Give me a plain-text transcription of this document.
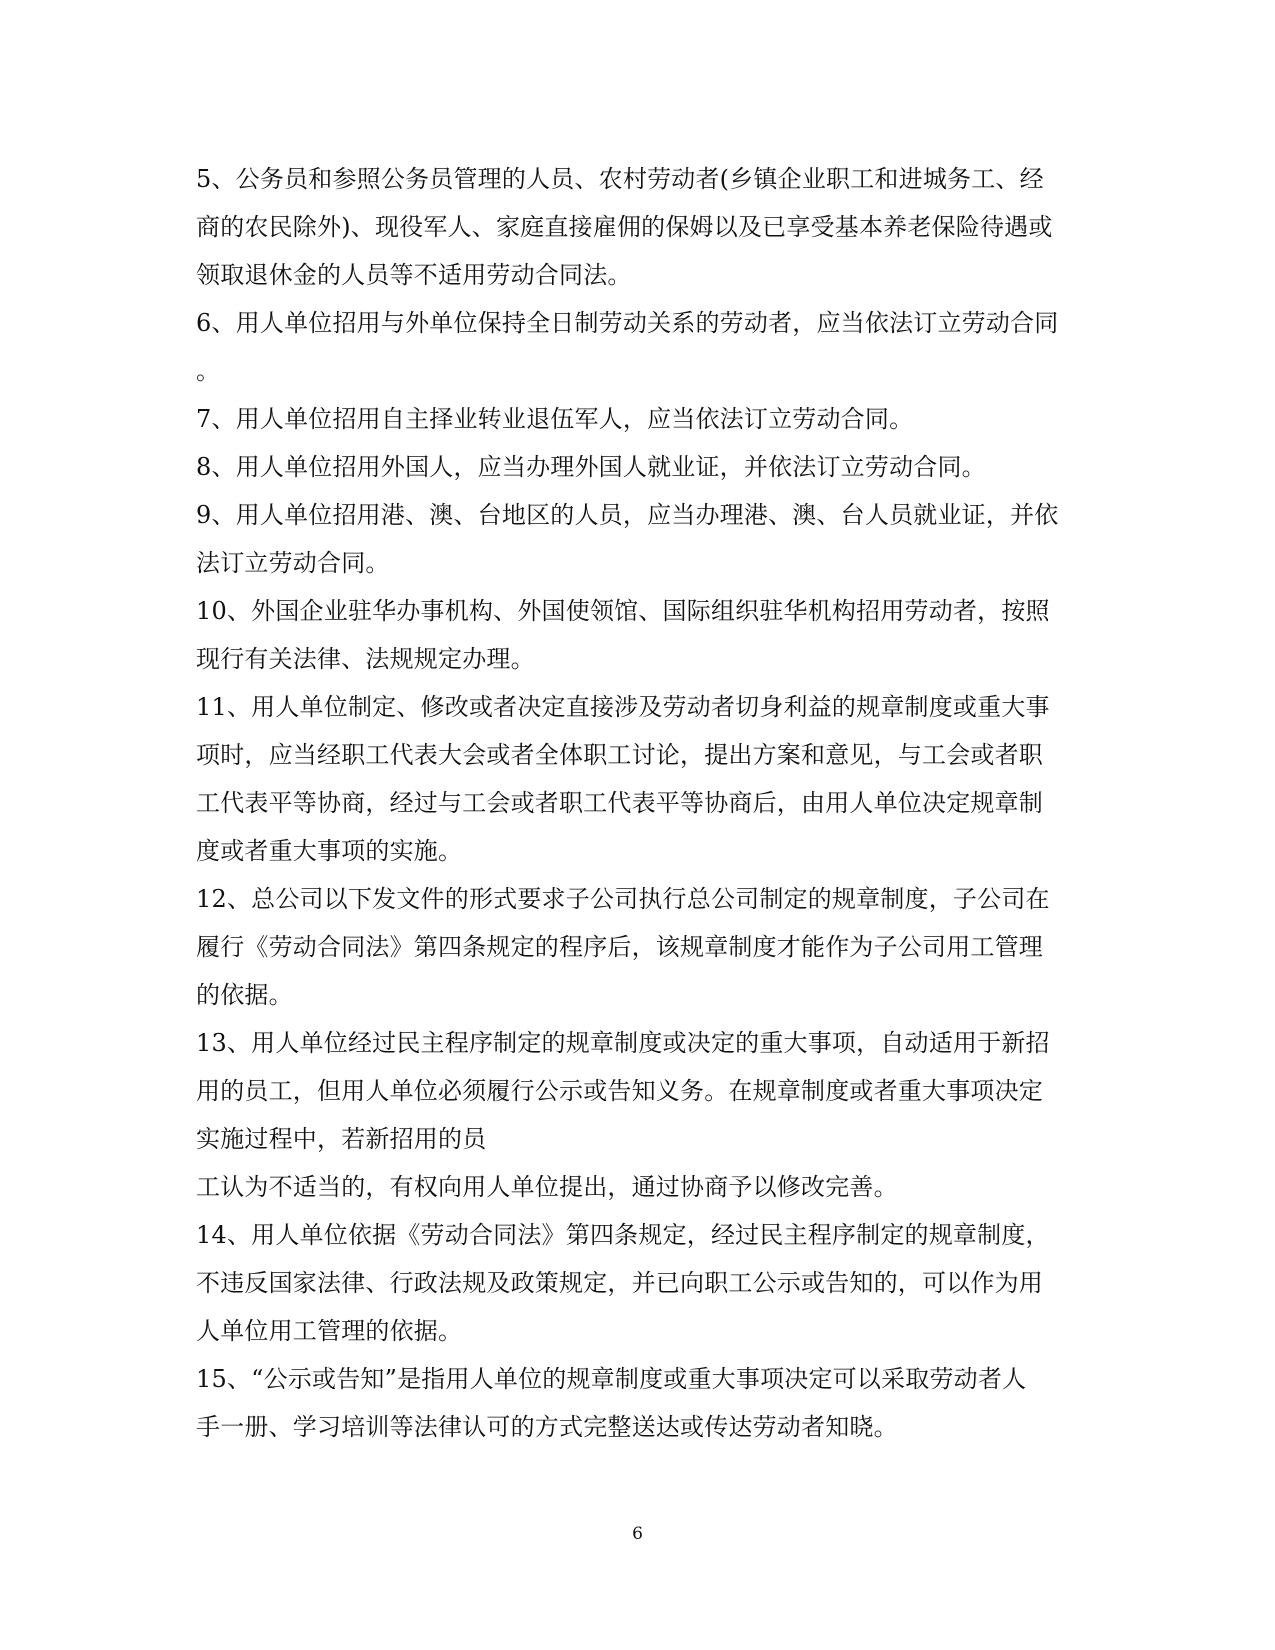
5、公务员和参照公务员管理的人员、农村劳动者(乡镇企业职工和进城务工、经
商的农民除外)、现役军人、家庭直接雇佣的保姆以及已享受基本养老保险待遇或
领取退休金的人员等不适用劳动合同法。
6、用人单位招用与外单位保持全日制劳动关系的劳动者，应当依法订立劳动合同
。
7、用人单位招用自主择业转业退伍军人，应当依法订立劳动合同。
8、用人单位招用外国人，应当办理外国人就业证，并依法订立劳动合同。
9、用人单位招用港、澳、台地区的人员，应当办理港、澳、台人员就业证，并依
法订立劳动合同。
10、外国企业驻华办事机构、外国使领馆、国际组织驻华机构招用劳动者，按照
现行有关法律、法规规定办理。
11、用人单位制定、修改或者决定直接涉及劳动者切身利益的规章制度或重大事
项时，应当经职工代表大会或者全体职工讨论，提出方案和意见，与工会或者职
工代表平等协商，经过与工会或者职工代表平等协商后，由用人单位决定规章制
度或者重大事项的实施。
12、总公司以下发文件的形式要求子公司执行总公司制定的规章制度，子公司在
履行《劳动合同法》第四条规定的程序后，该规章制度才能作为子公司用工管理
的依据。
13、用人单位经过民主程序制定的规章制度或决定的重大事项，自动适用于新招
用的员工，但用人单位必须履行公示或告知义务。在规章制度或者重大事项决定
实施过程中，若新招用的员
工认为不适当的，有权向用人单位提出，通过协商予以修改完善。
14、用人单位依据《劳动合同法》第四条规定，经过民主程序制定的规章制度，
不违反国家法律、行政法规及政策规定，并已向职工公示或告知的，可以作为用
人单位用工管理的依据。
15、“公示或告知”是指用人单位的规章制度或重大事项决定可以采取劳动者人
手一册、学习培训等法律认可的方式完整送达或传达劳动者知晓。
6
